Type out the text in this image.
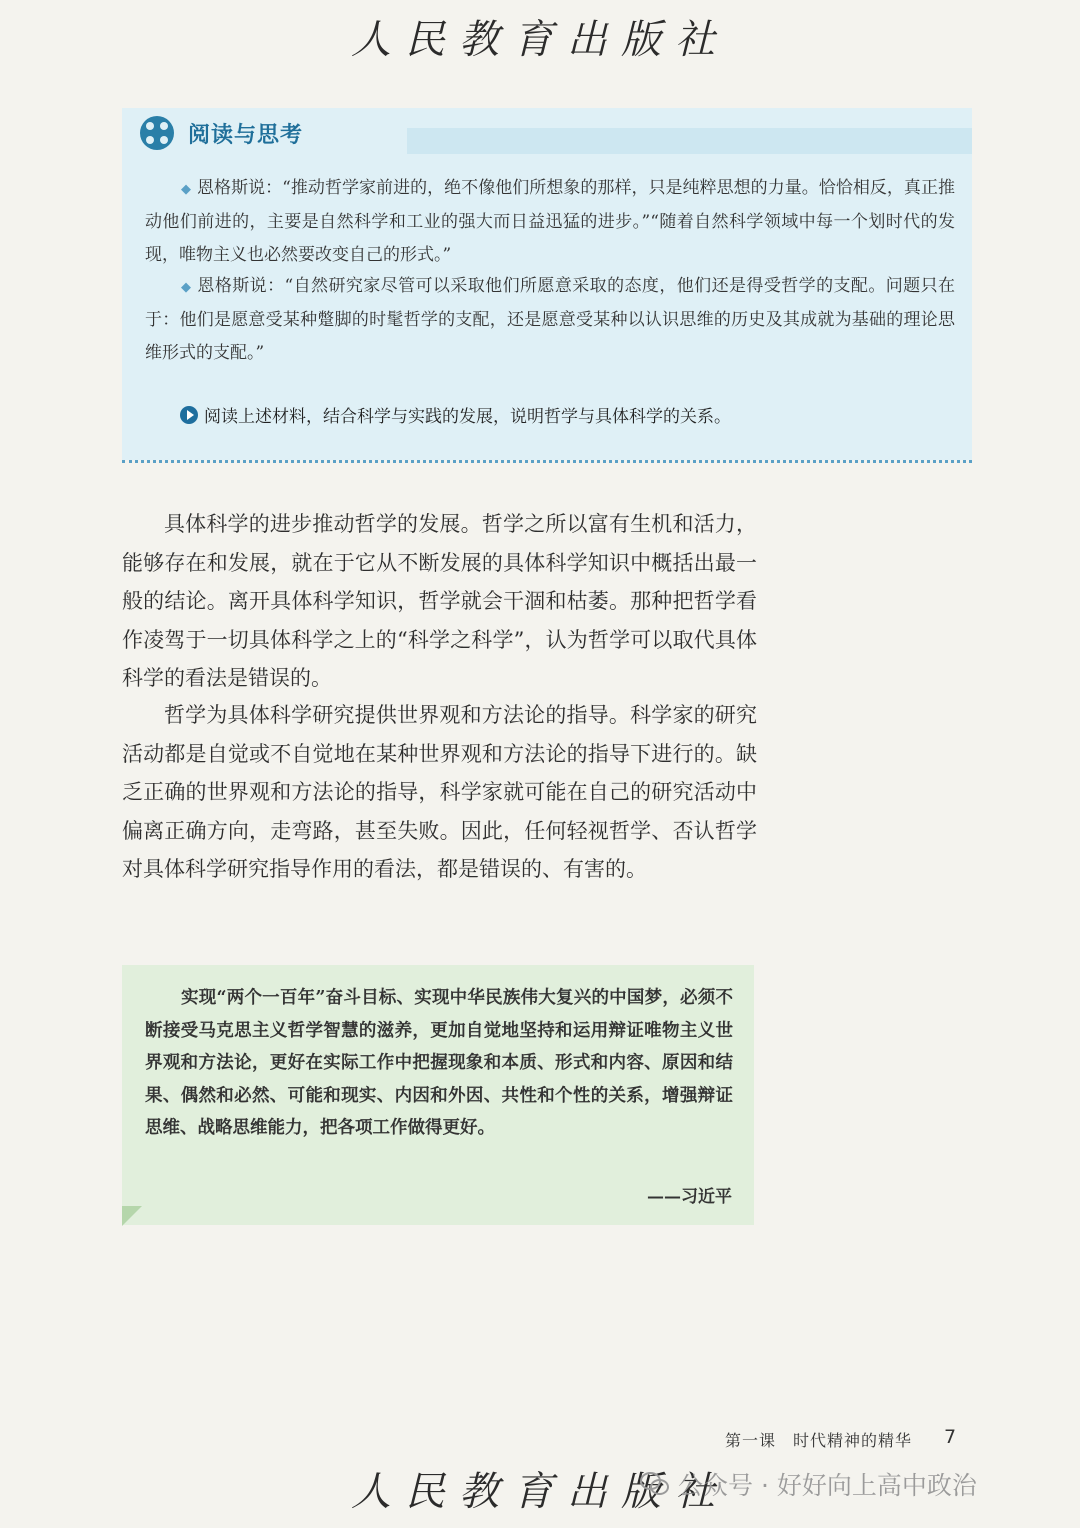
人民教育出版社
阅读与思考
◆ 恩格斯说：“推动哲学家前进的，绝不像他们所想象的那样，只是纯粹思想的力量。恰恰相反，真正推动他们前进的，主要是自然科学和工业的强大而日益迅猛的进步。”“随着自然科学领域中每一个划时代的发现，唯物主义也必然要改变自己的形式。”
◆ 恩格斯说：“自然研究家尽管可以采取他们所愿意采取的态度，他们还是得受哲学的支配。问题只在于：他们是愿意受某种蹩脚的时髦哲学的支配，还是愿意受某种以认识思维的历史及其成就为基础的理论思维形式的支配。”
阅读上述材料，结合科学与实践的发展，说明哲学与具体科学的关系。

具体科学的进步推动哲学的发展。哲学之所以富有生机和活力，能够存在和发展，就在于它从不断发展的具体科学知识中概括出最一般的结论。离开具体科学知识，哲学就会干涸和枯萎。那种把哲学看作凌驾于一切具体科学之上的“科学之科学”，认为哲学可以取代具体科学的看法是错误的。

哲学为具体科学研究提供世界观和方法论的指导。科学家的研究活动都是自觉或不自觉地在某种世界观和方法论的指导下进行的。缺乏正确的世界观和方法论的指导，科学家就可能在自己的研究活动中偏离正确方向，走弯路，甚至失败。因此，任何轻视哲学、否认哲学对具体科学研究指导作用的看法，都是错误的、有害的。

实现“两个一百年”奋斗目标、实现中华民族伟大复兴的中国梦，必须不断接受马克思主义哲学智慧的滋养，更加自觉地坚持和运用辩证唯物主义世界观和方法论，更好在实际工作中把握现象和本质、形式和内容、原因和结果、偶然和必然、可能和现实、内因和外因、共性和个性的关系，增强辩证思维、战略思维能力，把各项工作做得更好。

——习近平
第一课　时代精神的精华 7
人民教育出版社
公众号 · 好好向上高中政治
